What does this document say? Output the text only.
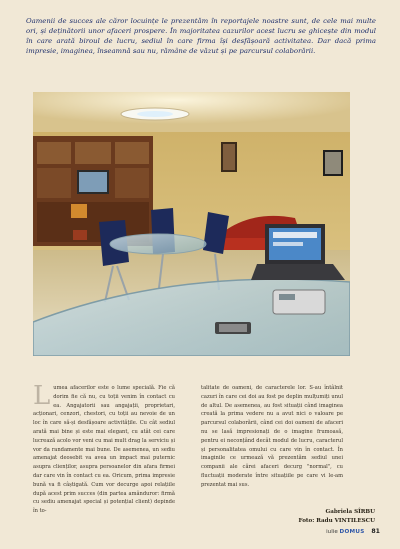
Oamenii de succes ale căror locuințe le prezentăm în reportajele noastre sunt, de cele mai multe ori, și deținătorii unor afaceri prospere. În majoritatea cazurilor acest lucru se ghicește din modul în care arată biroul de lucru, sediul în care firma își desfășoară activitatea. Dar dacă prima impresie, imaginea, înseamnă sau nu, rămâne de văzut și pe parcursul colaborării.
L umea afacerilor este o lume specială. Fie că dorim fie că nu, cu toții venim în contact cu ea. Angajatorii sau angajații, proprietari, acționari, cenzori, chestori, cu toții au nevoie de un loc în care să-și desfășoare activitățile. Cu cât sediul arată mai bine și este mai elegant, cu atât cei care lucrează acolo vor veni cu mai mult drag la serviciu și vor da randamente mai bune. De asemenea, un sediu amenajat deosebit va avea un impact mai puternic asupra clienților, asupra persoanelor din afara firmei dar care vin în contact cu ea. Oricum, prima impresie bună va fi câștigată. Cum vor decurge apoi relațiile după acest prim succes (din partea amânduror: firmă cu sediu amenajat special și potențial client) depinde în to-
talitate de oameni, de caracterele lor. S-au întâlnit cazuri în care cei doi au fost pe deplin mulțumiți unul de altul. De asemenea, au fost situații când imaginea creată la prima vedere nu a avut nici o valoare pe parcursul colaborării, când cei doi oameni de afaceri nu se lasă impresionați de o imagine frumoasă, pentru ei neconțând decât modul de lucru, caracterul și personalitatea omului cu care vin în contact. În imaginile ce urmează vă prezentăm sediul unei companii ale cărei afaceri decurg "normal", cu fluctuații moderate între situațiile pe care vi le-am prezentat mai sus.
Gabriela SÎRBU
Foto: Radu VINTILESCU
iulie DOMUS 81
